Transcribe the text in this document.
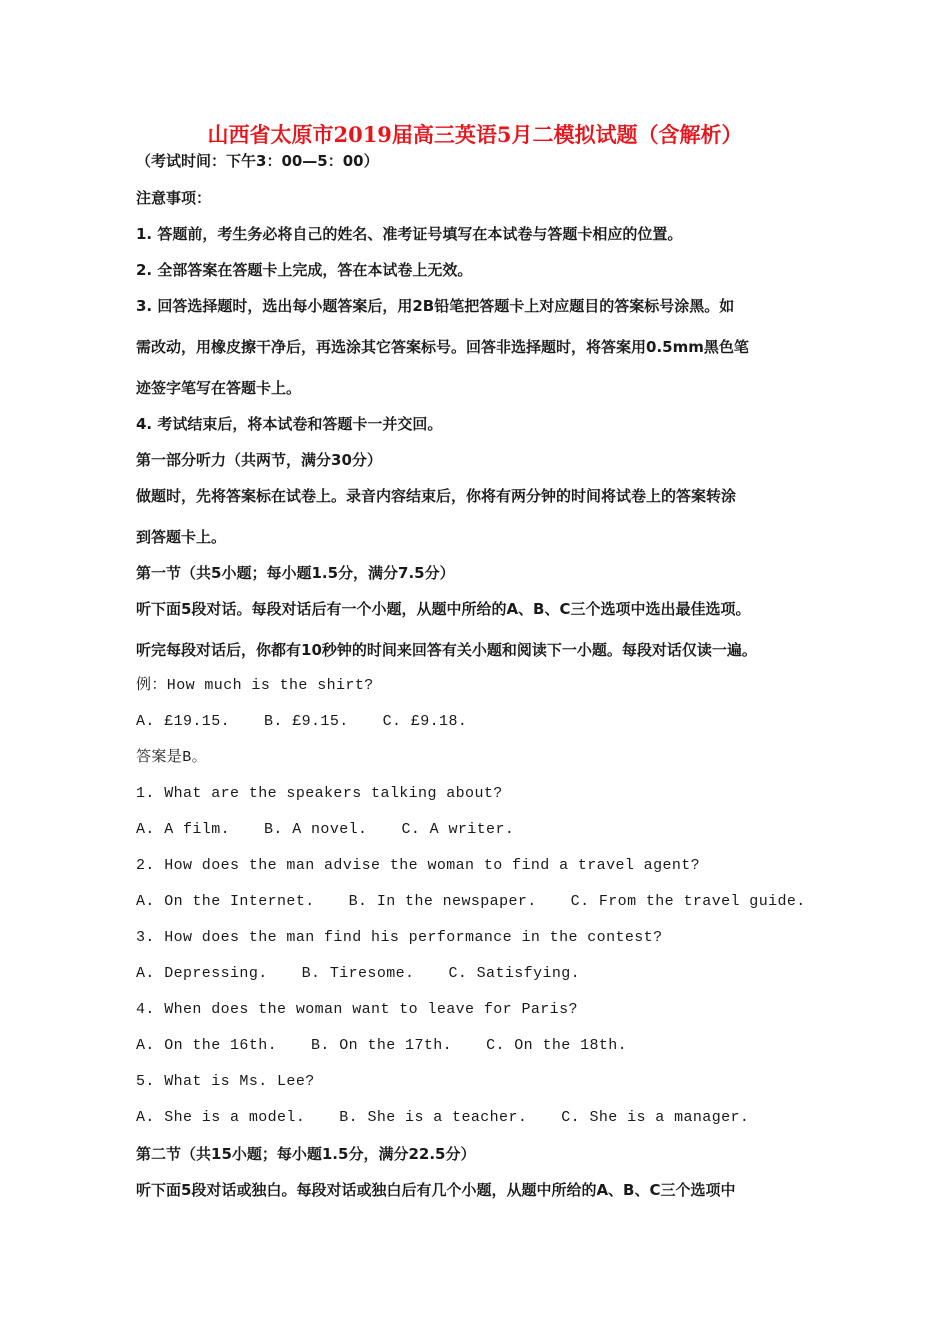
山西省太原市2019届高三英语5月二模拟试题（含解析）
（考试时间：下午3：00—5：00）
注意事项：
1. 答题前，考生务必将自己的姓名、准考证号填写在本试卷与答题卡相应的位置。
2. 全部答案在答题卡上完成，答在本试卷上无效。
3. 回答选择题时，选出每小题答案后，用2B铅笔把答题卡上对应题目的答案标号涂黑。如
需改动，用橡皮擦干净后，再选涂其它答案标号。回答非选择题时，将答案用0.5mm黑色笔
迹签字笔写在答题卡上。
4. 考试结束后，将本试卷和答题卡一并交回。
第一部分听力（共两节，满分30分）
做题时，先将答案标在试卷上。录音内容结束后，你将有两分钟的时间将试卷上的答案转涂
到答题卡上。
第一节（共5小题；每小题1.5分，满分7.5分）
听下面5段对话。每段对话后有一个小题，从题中所给的A、B、C三个选项中选出最佳选项。
听完每段对话后，你都有10秒钟的时间来回答有关小题和阅读下一小题。每段对话仅读一遍。
例：How much is the shirt?
A. £19.15. B. £9.15. C. £9.18.
答案是B。
1. What are the speakers talking about?
A. A film. B. A novel. C. A writer.
2. How does the man advise the woman to find a travel agent?
A. On the Internet. B. In the newspaper. C. From the travel guide.
3. How does the man find his performance in the contest?
A. Depressing. B. Tiresome. C. Satisfying.
4. When does the woman want to leave for Paris?
A. On the 16th. B. On the 17th. C. On the 18th.
5. What is Ms. Lee?
A. She is a model. B. She is a teacher. C. She is a manager.
第二节（共15小题；每小题1.5分，满分22.5分）
听下面5段对话或独白。每段对话或独白后有几个小题，从题中所给的A、B、C三个选项中
